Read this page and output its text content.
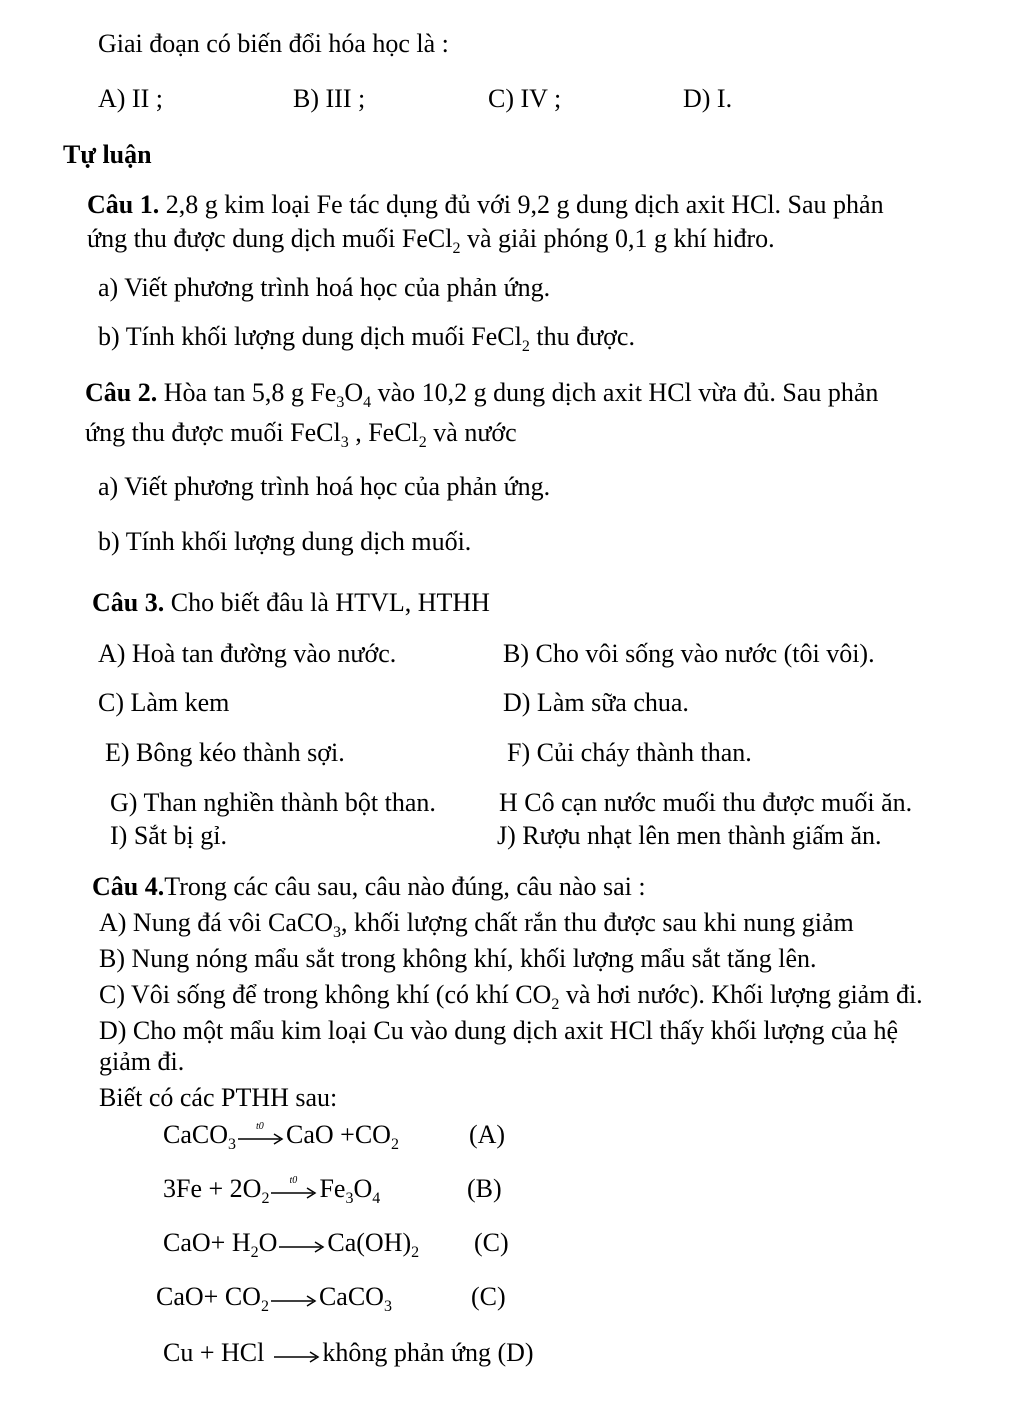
Giai đoạn có biến đổi hóa học là :
A) II ;	B) III ;	C) IV ;	D) I.
Tự luận
Câu 1. 2,8 g kim loại Fe tác dụng đủ với 9,2 g dung dịch axit HCl. Sau phản
ứng thu được dung dịch muối FeCl$_2$ và giải phóng 0,1 g khí hiđro.
a) Viết phương trình hoá học của phản ứng.
b) Tính khối lượng dung dịch muối FeCl$_2$ thu được.
Câu 2. Hòa tan 5,8 g $Fe_3O_4$ vào 10,2 g dung dịch axit HCl vừa đủ. Sau phản
ứng thu được muối FeCl$_3$ , FeCl$_2$ và nước
a) Viết phương trình hoá học của phản ứng.
b) Tính khối lượng dung dịch muối.
Câu 3. Cho biết đâu là HTVL, HTHH
A) Hoà tan đường vào nước.	B) Cho vôi sống vào nước (tôi vôi).
C) Làm kem	D) Làm sữa chua.
E) Bông kéo thành sợi.	F) Củi cháy thành than.
G) Than nghiền thành bột than. H Cô cạn nước muối thu được muối ăn.
I) Sắt bị gỉ.	J) Rượu nhạt lên men thành giấm ăn.
Câu 4.Trong các câu sau, câu nào đúng, câu nào sai :
A) Nung đá vôi CaCO$_3$, khối lượng chất rắn thu được sau khi nung giảm
B) Nung nóng mẩu sắt trong không khí, khối lượng mẩu sắt tăng lên.
C) Vôi sống để trong không khí (có khí $CO_2$ và hơi nước). Khối lượng giảm đi.
D) Cho một mẩu kim loại Cu vào dung dịch axit HCl thấy khối lượng của hệ
giảm đi.
Biết có các PTHH sau:
CaCO$_3$
t0 CaO $+CO_2$	(A)
$3Fe + 2O_2$
t0 $Fe_3O_4$	(B)
$CaO+ H_2O \to Ca(OH)_2$ (C)
$CaO+ CO_2$ → CaCO$_3$	(C)
Cu + HCl → không phản ứng (D)
